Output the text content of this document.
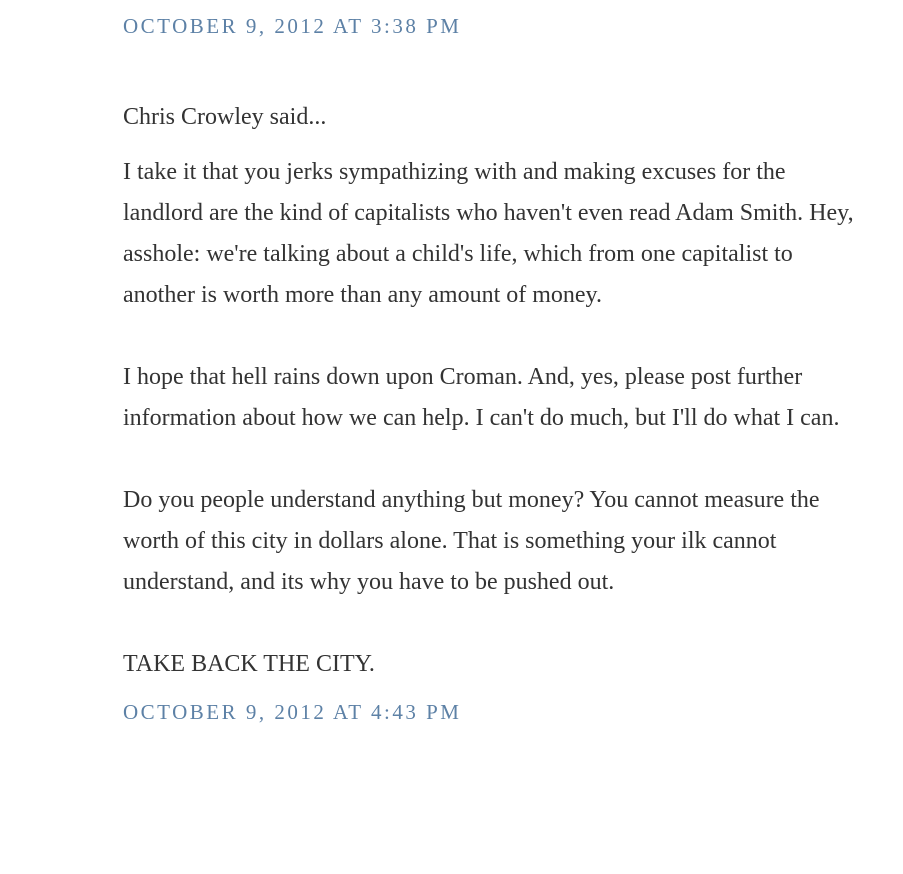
OCTOBER 9, 2012 AT 3:38 PM
Chris Crowley said...

I take it that you jerks sympathizing with and making excuses for the landlord are the kind of capitalists who haven't even read Adam Smith. Hey, asshole: we're talking about a child's life, which from one capitalist to another is worth more than any amount of money.

I hope that hell rains down upon Croman. And, yes, please post further information about how we can help. I can't do much, but I'll do what I can.

Do you people understand anything but money? You cannot measure the worth of this city in dollars alone. That is something your ilk cannot understand, and its why you have to be pushed out.

TAKE BACK THE CITY.

OCTOBER 9, 2012 AT 4:43 PM
